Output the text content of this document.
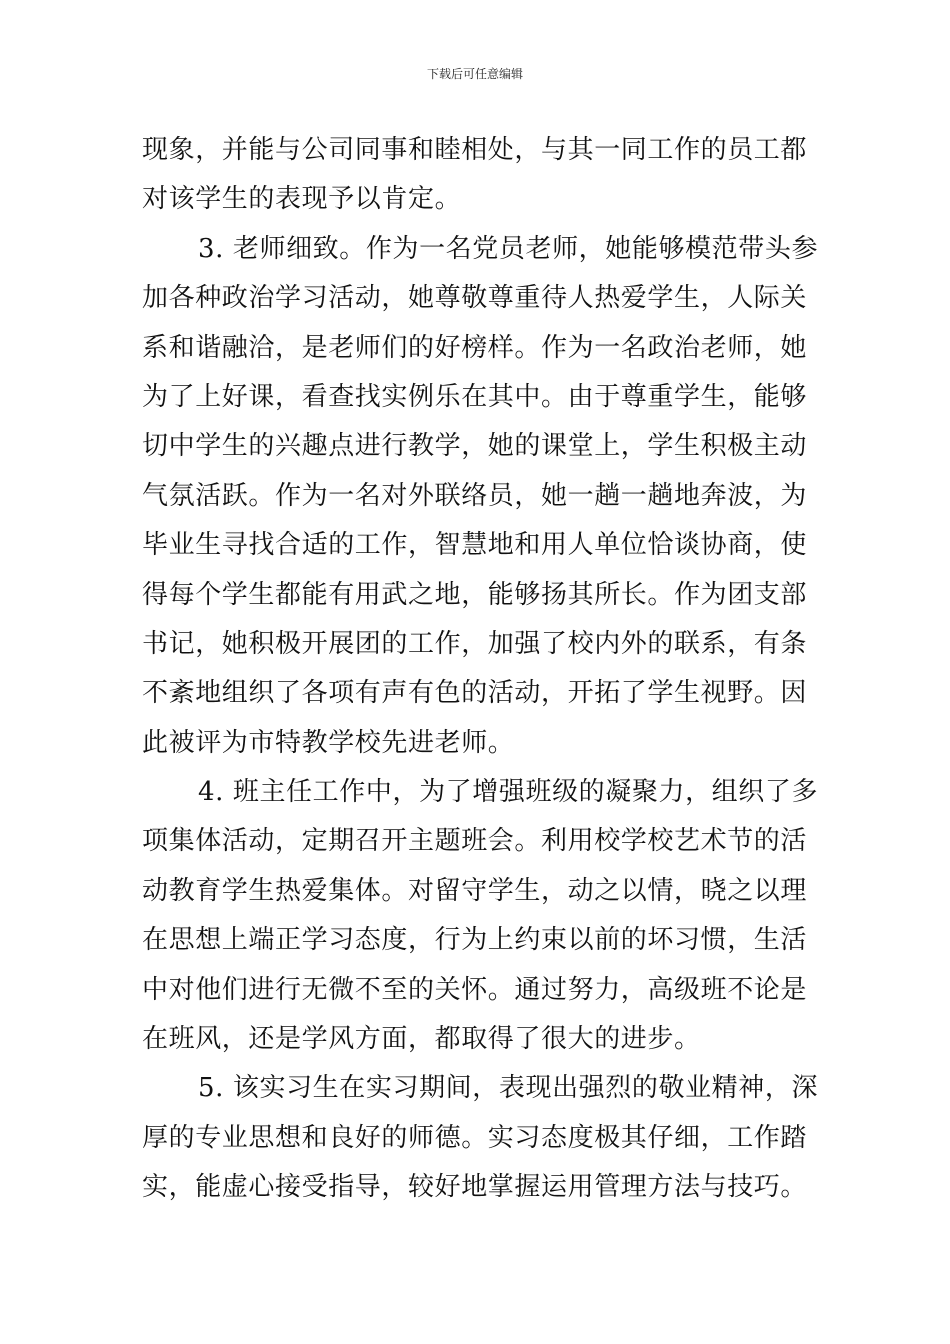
下载后可任意编辑
现象，并能与公司同事和睦相处，与其一同工作的员工都
对该学生的表现予以肯定。
3. 老师细致。作为一名党员老师，她能够模范带头参
加各种政治学习活动，她尊敬尊重待人热爱学生，人际关
系和谐融洽，是老师们的好榜样。作为一名政治老师，她
为了上好课，看查找实例乐在其中。由于尊重学生，能够
切中学生的兴趣点进行教学，她的课堂上，学生积极主动
气氛活跃。作为一名对外联络员，她一趟一趟地奔波，为
毕业生寻找合适的工作，智慧地和用人单位恰谈协商，使
得每个学生都能有用武之地，能够扬其所长。作为团支部
书记，她积极开展团的工作，加强了校内外的联系，有条
不紊地组织了各项有声有色的活动，开拓了学生视野。因
此被评为市特教学校先进老师。
4. 班主任工作中，为了增强班级的凝聚力，组织了多
项集体活动，定期召开主题班会。利用校学校艺术节的活
动教育学生热爱集体。对留守学生，动之以情，晓之以理
在思想上端正学习态度，行为上约束以前的坏习惯，生活
中对他们进行无微不至的关怀。通过努力，高级班不论是
在班风，还是学风方面，都取得了很大的进步。
5. 该实习生在实习期间，表现出强烈的敬业精神，深
厚的专业思想和良好的师德。实习态度极其仔细，工作踏
实，能虚心接受指导，较好地掌握运用管理方法与技巧。
